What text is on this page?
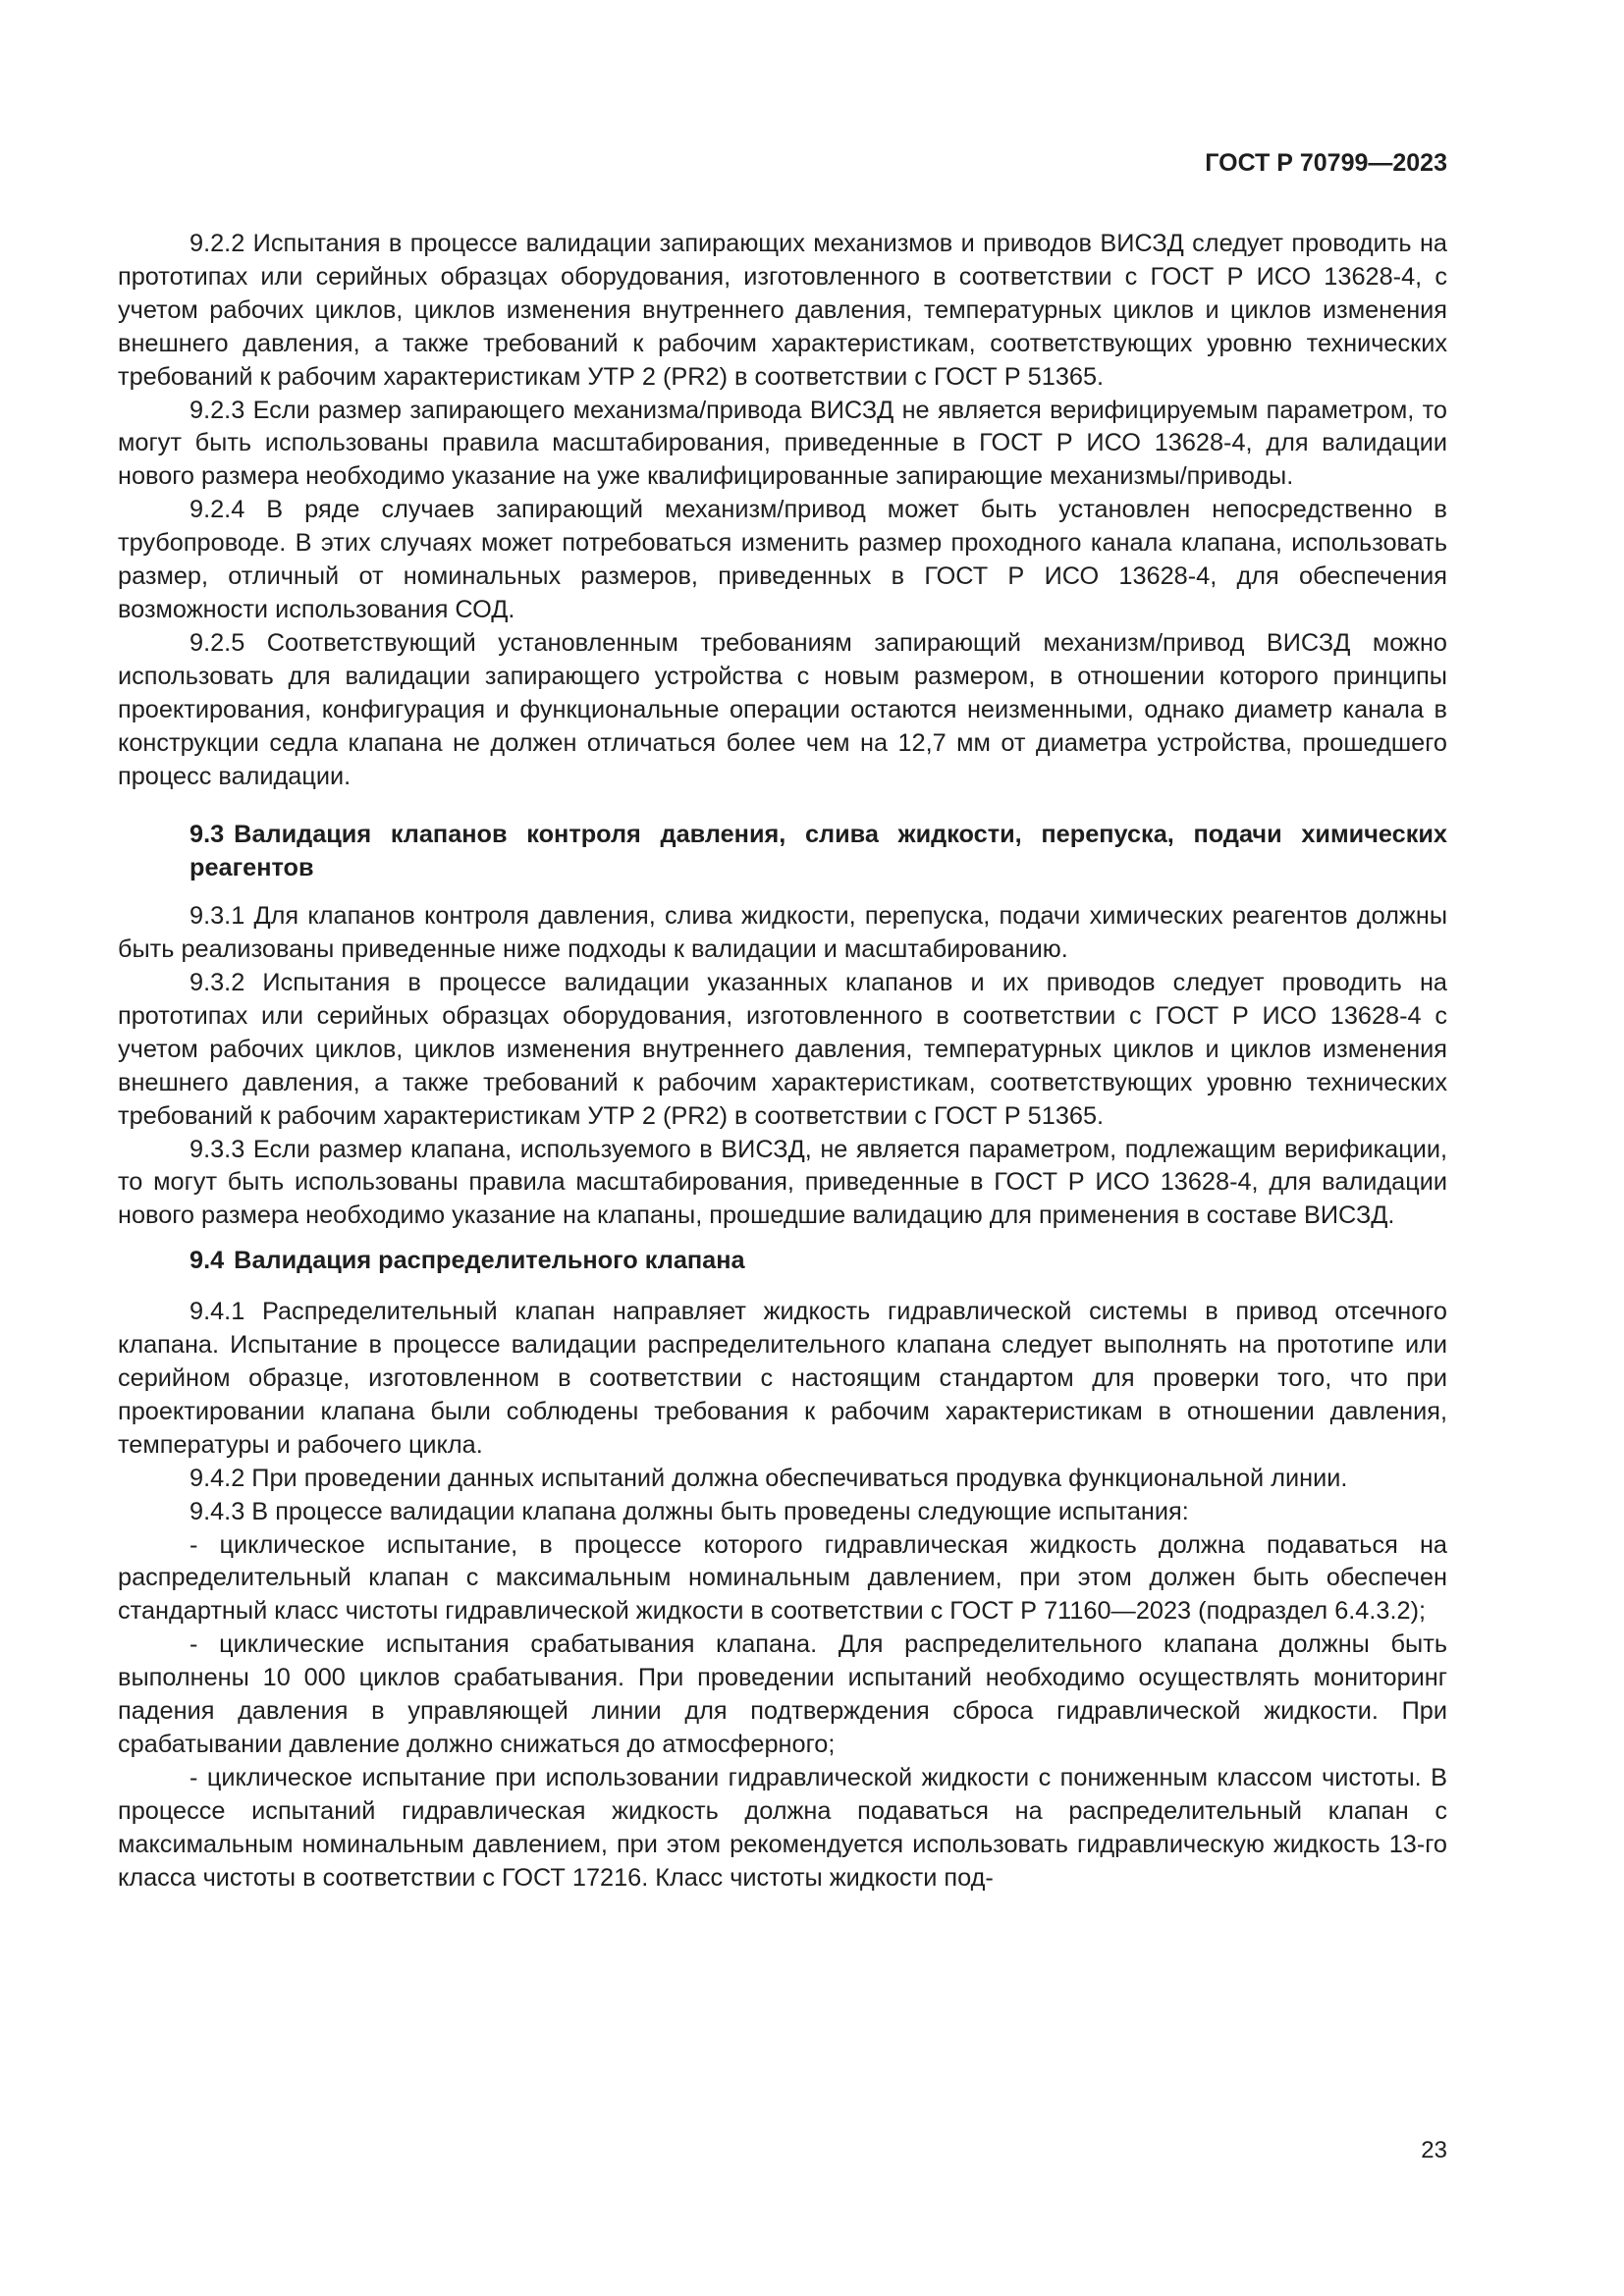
ГОСТ Р 70799—2023

9.2.2 Испытания в процессе валидации запирающих механизмов и приводов ВИСЗД следует проводить на прототипах или серийных образцах оборудования, изготовленного в соответствии с ГОСТ Р ИСО 13628-4, с учетом рабочих циклов, циклов изменения внутреннего давления, температурных циклов и циклов изменения внешнего давления, а также требований к рабочим характеристикам, соответствующих уровню технических требований к рабочим характеристикам УТР 2 (PR2) в соответствии с ГОСТ Р 51365.

9.2.3 Если размер запирающего механизма/привода ВИСЗД не является верифицируемым параметром, то могут быть использованы правила масштабирования, приведенные в ГОСТ Р ИСО 13628-4, для валидации нового размера необходимо указание на уже квалифицированные запирающие механизмы/приводы.

9.2.4 В ряде случаев запирающий механизм/привод может быть установлен непосредственно в трубопроводе. В этих случаях может потребоваться изменить размер проходного канала клапана, использовать размер, отличный от номинальных размеров, приведенных в ГОСТ Р ИСО 13628-4, для обеспечения возможности использования СОД.

9.2.5 Соответствующий установленным требованиям запирающий механизм/привод ВИСЗД можно использовать для валидации запирающего устройства с новым размером, в отношении которого принципы проектирования, конфигурация и функциональные операции остаются неизменными, однако диаметр канала в конструкции седла клапана не должен отличаться более чем на 12,7 мм от диаметра устройства, прошедшего процесс валидации.

9.3 Валидация клапанов контроля давления, слива жидкости, перепуска, подачи химических реагентов

9.3.1 Для клапанов контроля давления, слива жидкости, перепуска, подачи химических реагентов должны быть реализованы приведенные ниже подходы к валидации и масштабированию.

9.3.2 Испытания в процессе валидации указанных клапанов и их приводов следует проводить на прототипах или серийных образцах оборудования, изготовленного в соответствии с ГОСТ Р ИСО 13628-4 с учетом рабочих циклов, циклов изменения внутреннего давления, температурных циклов и циклов изменения внешнего давления, а также требований к рабочим характеристикам, соответствующих уровню технических требований к рабочим характеристикам УТР 2 (PR2) в соответствии с ГОСТ Р 51365.

9.3.3 Если размер клапана, используемого в ВИСЗД, не является параметром, подлежащим верификации, то могут быть использованы правила масштабирования, приведенные в ГОСТ Р ИСО 13628-4, для валидации нового размера необходимо указание на клапаны, прошедшие валидацию для применения в составе ВИСЗД.

9.4 Валидация распределительного клапана

9.4.1 Распределительный клапан направляет жидкость гидравлической системы в привод отсечного клапана. Испытание в процессе валидации распределительного клапана следует выполнять на прототипе или серийном образце, изготовленном в соответствии с настоящим стандартом для проверки того, что при проектировании клапана были соблюдены требования к рабочим характеристикам в отношении давления, температуры и рабочего цикла.

9.4.2 При проведении данных испытаний должна обеспечиваться продувка функциональной линии.

9.4.3 В процессе валидации клапана должны быть проведены следующие испытания:

- циклическое испытание, в процессе которого гидравлическая жидкость должна подаваться на распределительный клапан с максимальным номинальным давлением, при этом должен быть обеспечен стандартный класс чистоты гидравлической жидкости в соответствии с ГОСТ Р 71160—2023 (подраздел 6.4.3.2);

- циклические испытания срабатывания клапана. Для распределительного клапана должны быть выполнены 10 000 циклов срабатывания. При проведении испытаний необходимо осуществлять мониторинг падения давления в управляющей линии для подтверждения сброса гидравлической жидкости. При срабатывании давление должно снижаться до атмосферного;

- циклическое испытание при использовании гидравлической жидкости с пониженным классом чистоты. В процессе испытаний гидравлическая жидкость должна подаваться на распределительный клапан с максимальным номинальным давлением, при этом рекомендуется использовать гидравлическую жидкость 13-го класса чистоты в соответствии с ГОСТ 17216. Класс чистоты жидкости под-

23
